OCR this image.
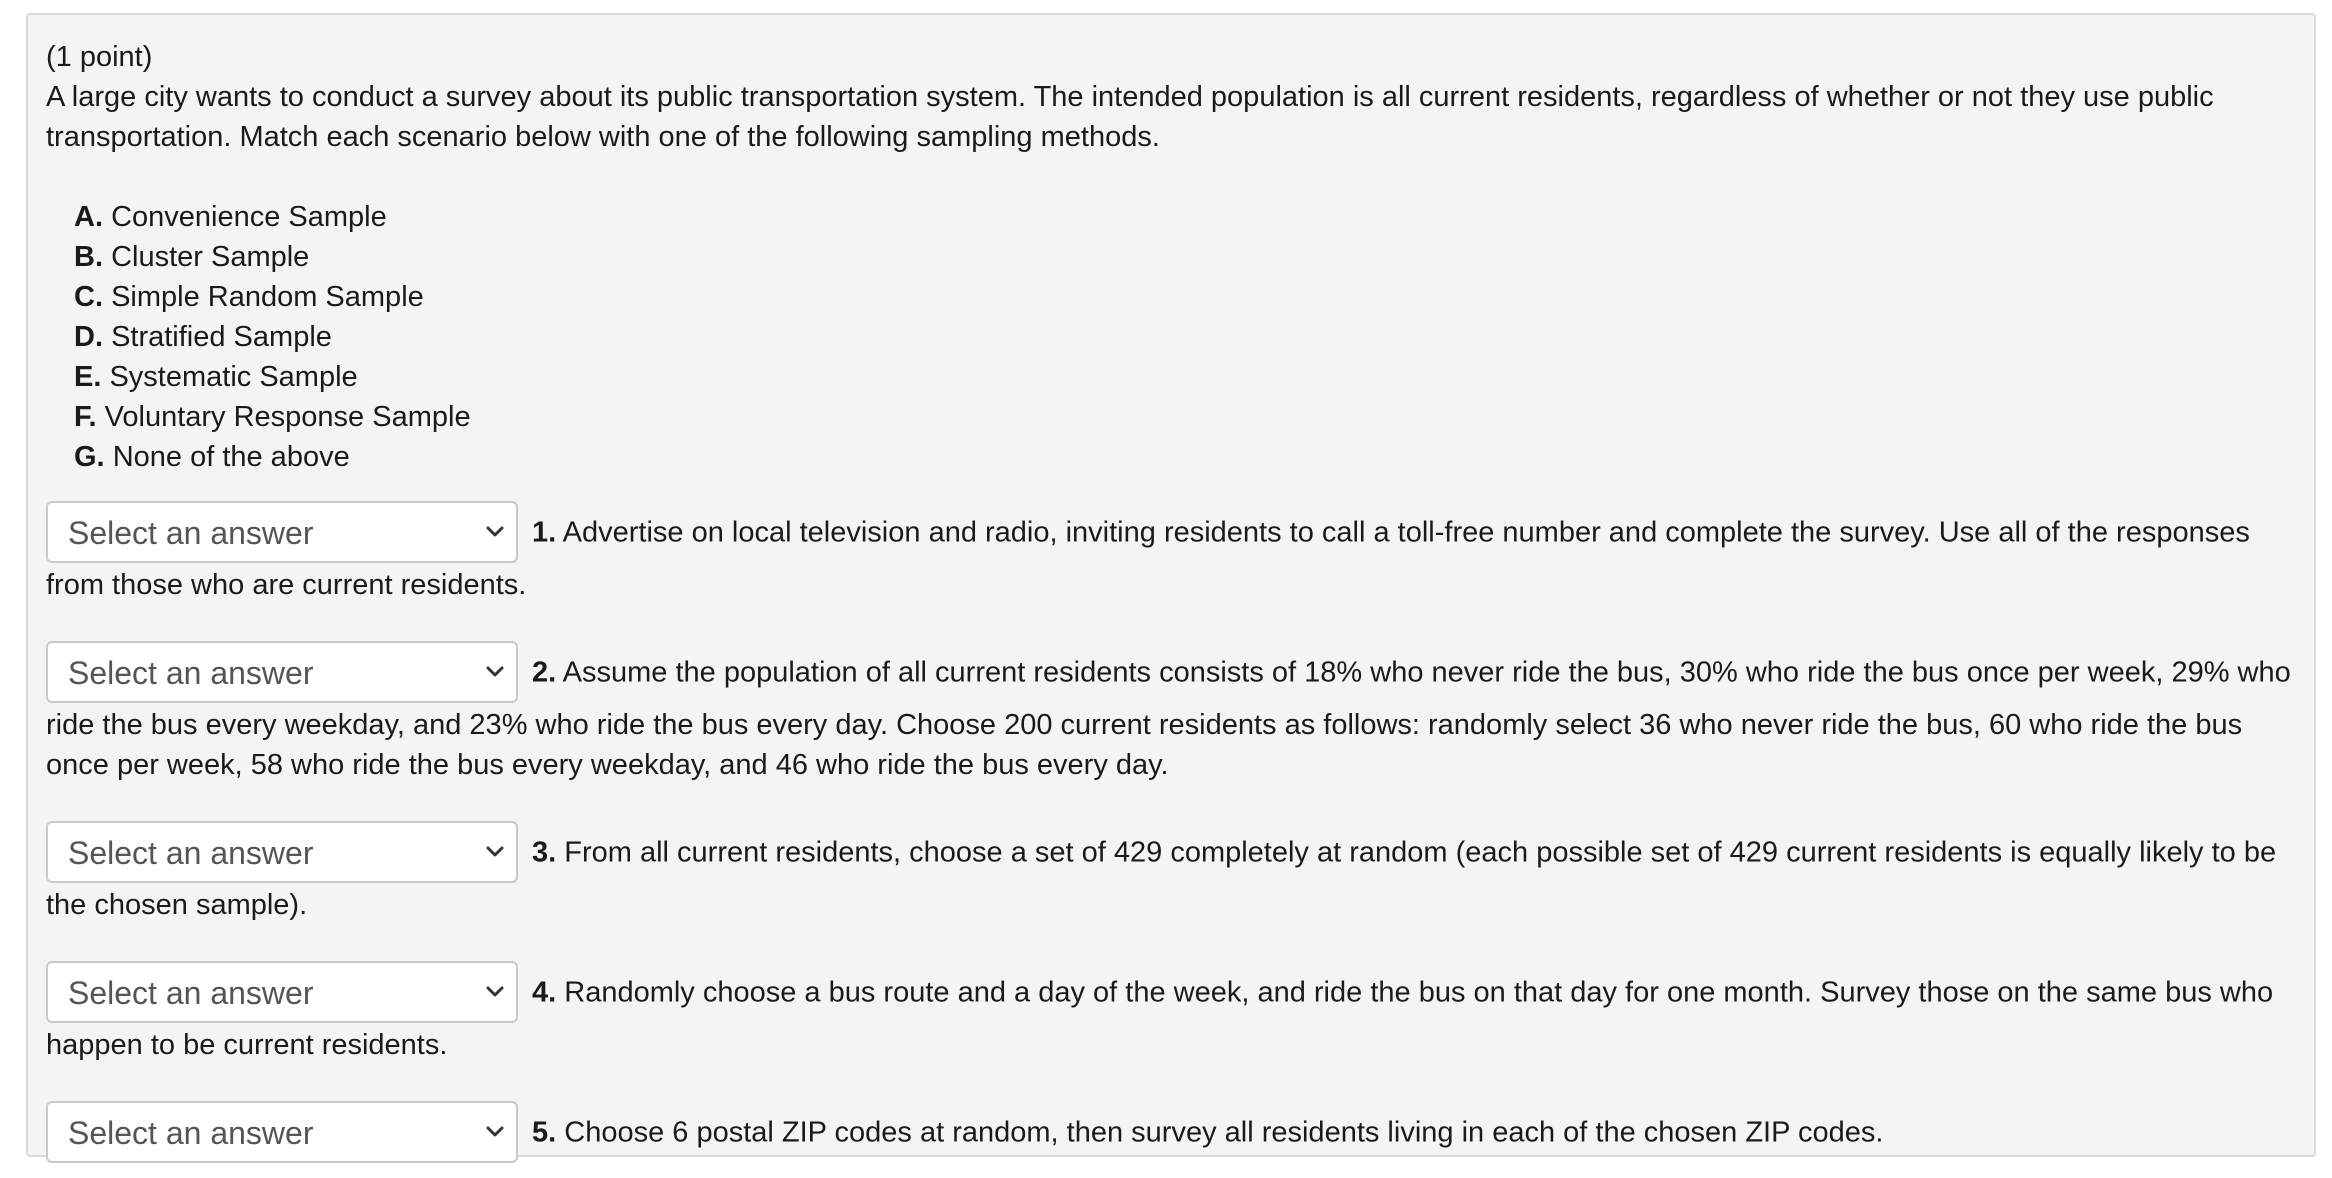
(1 point)

A large city wants to conduct a survey about its public transportation system. The intended population is all current residents, regardless of whether or not they use public transportation. Match each scenario below with one of the following sampling methods.

A. Convenience Sample
B. Cluster Sample
C. Simple Random Sample
D. Stratified Sample
E. Systematic Sample
F. Voluntary Response Sample
G. None of the above
Select an answer	1. Advertise on local television and radio, inviting residents to call a toll-free number and complete the survey. Use all of the responses from those who are current residents.
Select an answer	2. Assume the population of all current residents consists of 18% who never ride the bus, 30% who ride the bus once per week, 29% who ride the bus every weekday, and 23% who ride the bus every day. Choose 200 current residents as follows: randomly select 36 who never ride the bus, 60 who ride the bus once per week, 58 who ride the bus every weekday, and 46 who ride the bus every day.
Select an answer	3. From all current residents, choose a set of 429 completely at random (each possible set of 429 current residents is equally likely to be the chosen sample).
Select an answer	4. Randomly choose a bus route and a day of the week, and ride the bus on that day for one month. Survey those on the same bus who happen to be current residents.
Select an answer	5. Choose 6 postal ZIP codes at random, then survey all residents living in each of the chosen ZIP codes.
